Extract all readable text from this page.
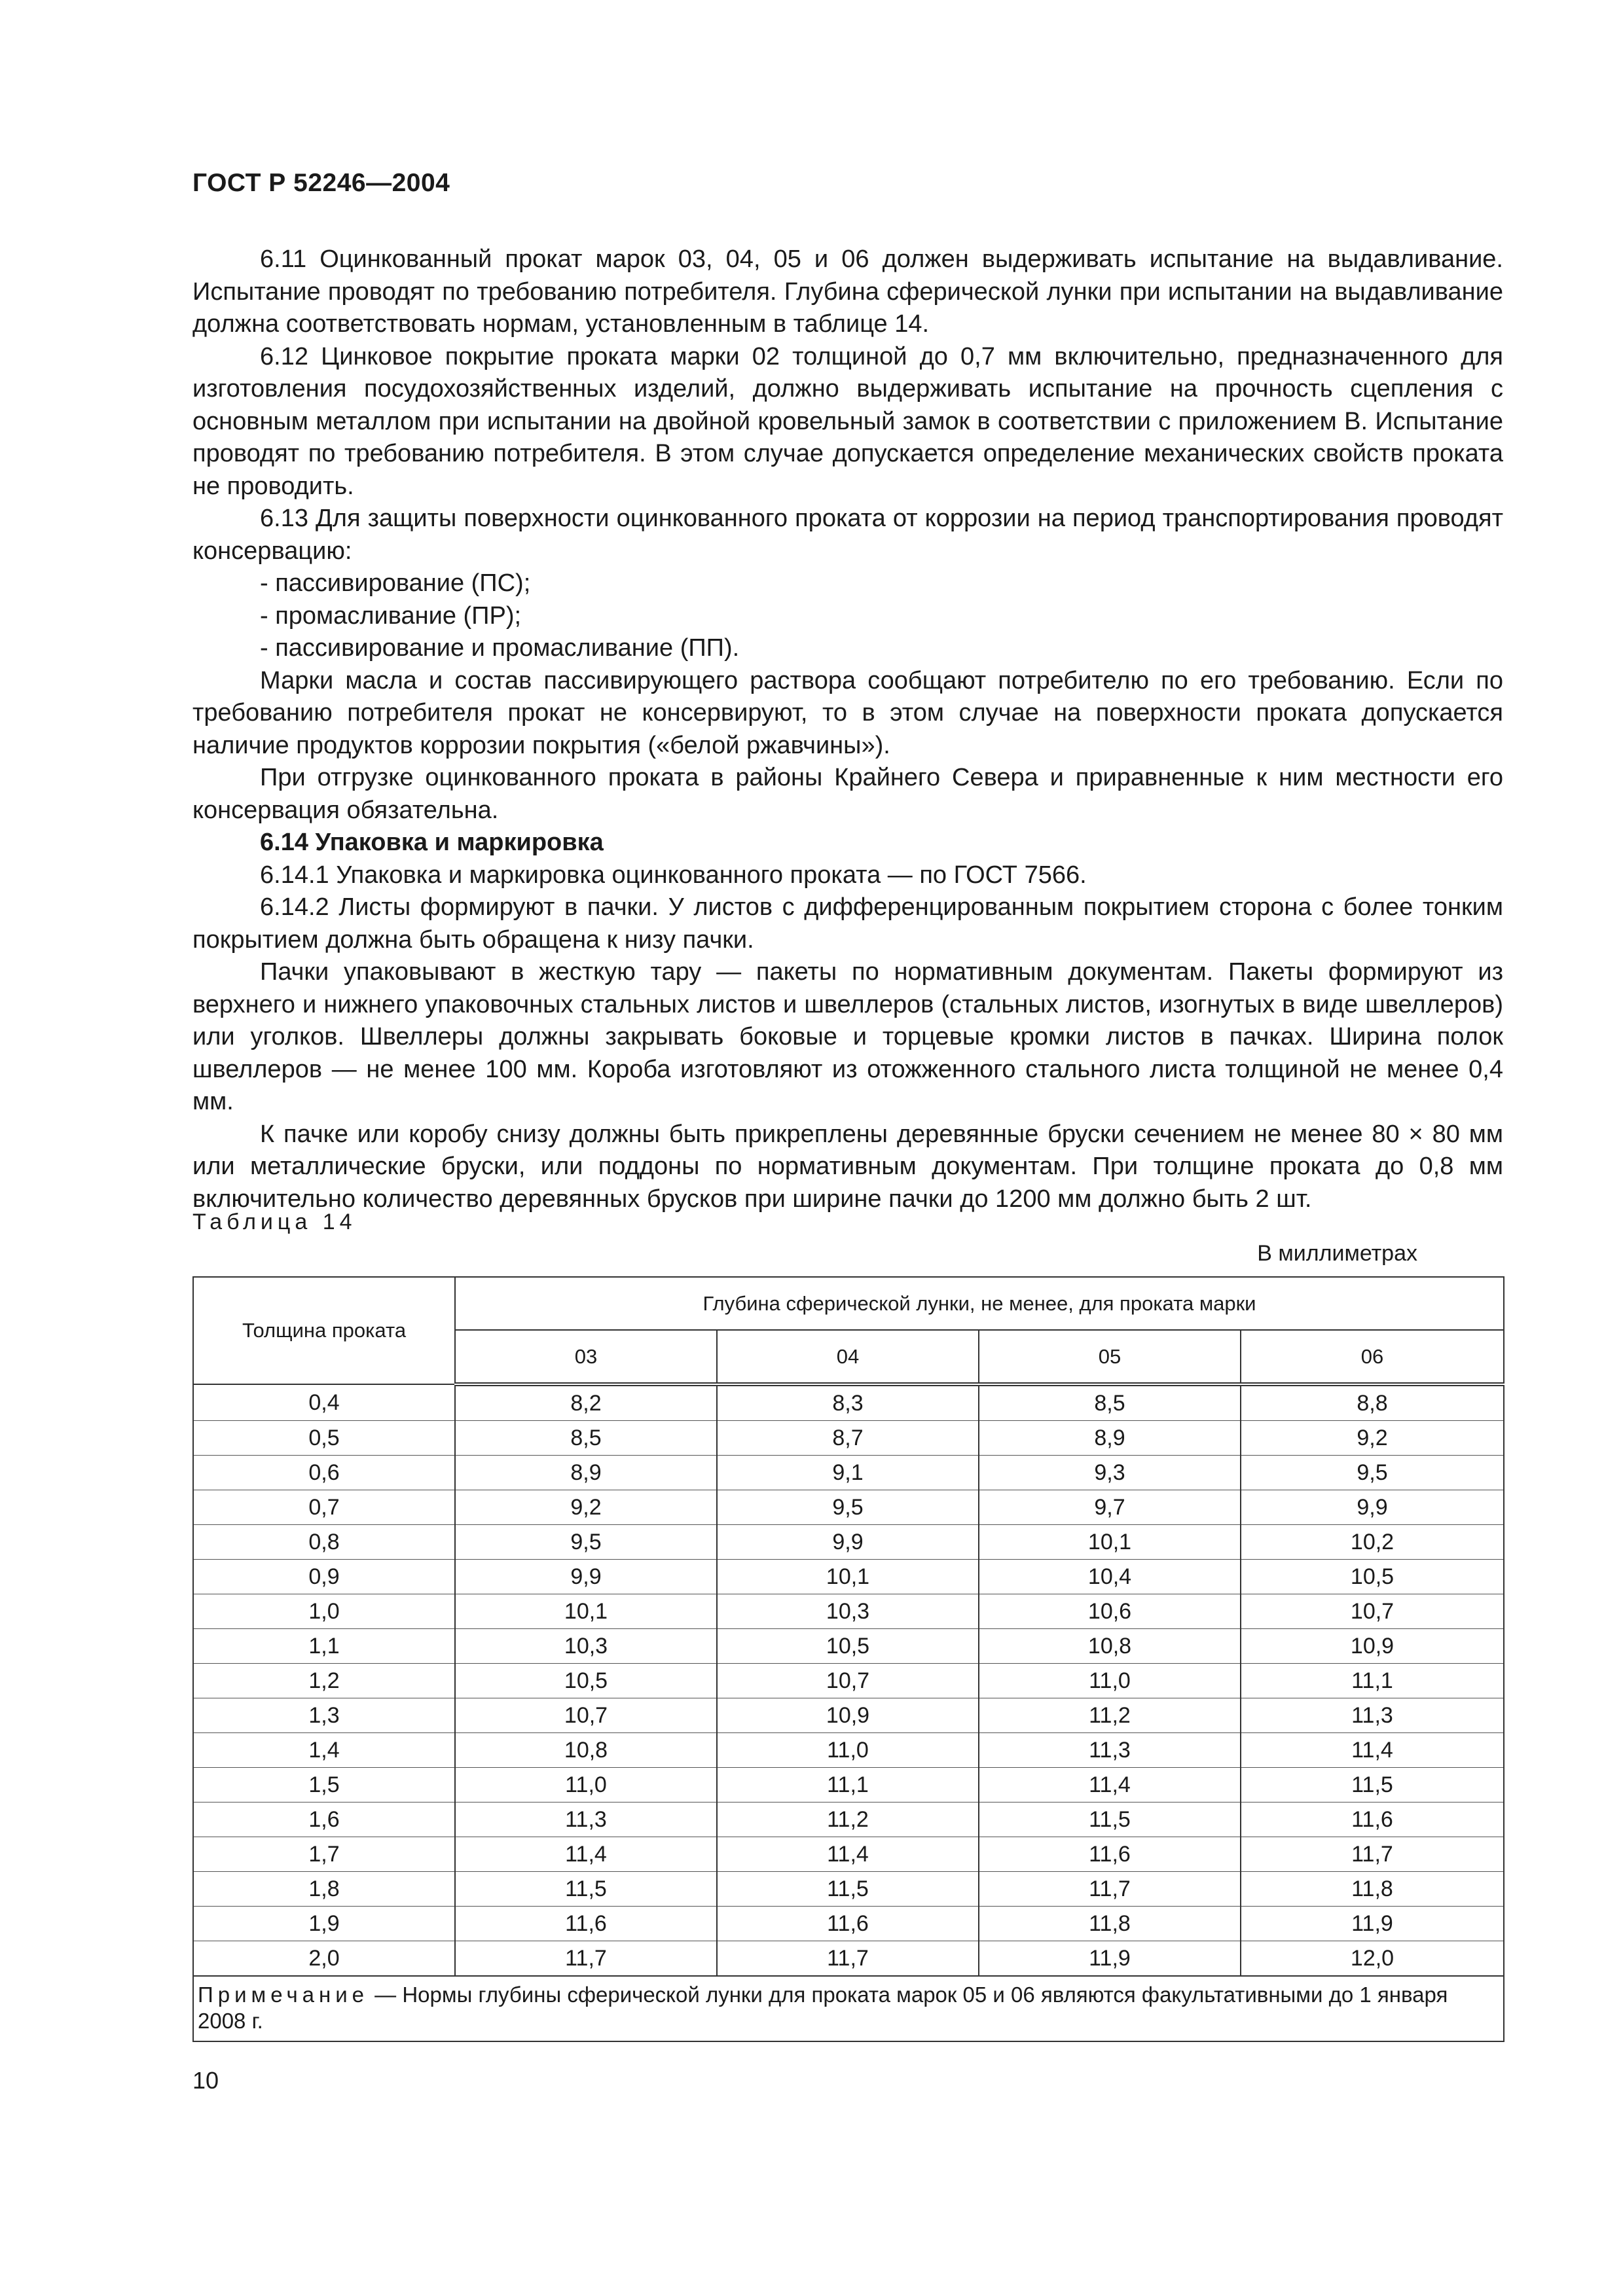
ГОСТ Р 52246—2004

6.11 Оцинкованный прокат марок 03, 04, 05 и 06 должен выдерживать испытание на выдавливание. Испытание проводят по требованию потребителя. Глубина сферической лунки при испытании на выдавливание должна соответствовать нормам, установленным в таблице 14.

6.12 Цинковое покрытие проката марки 02 толщиной до 0,7 мм включительно, предназначенного для изготовления посудохозяйственных изделий, должно выдерживать испытание на прочность сцепления с основным металлом при испытании на двойной кровельный замок в соответствии с приложением В. Испытание проводят по требованию потребителя. В этом случае допускается определение механических свойств проката не проводить.

6.13 Для защиты поверхности оцинкованного проката от коррозии на период транспортирования проводят консервацию:

- пассивирование (ПС);

- промасливание (ПР);

- пассивирование и промасливание (ПП).

Марки масла и состав пассивирующего раствора сообщают потребителю по его требованию. Если по требованию потребителя прокат не консервируют, то в этом случае на поверхности проката допускается наличие продуктов коррозии покрытия («белой ржавчины»).

При отгрузке оцинкованного проката в районы Крайнего Севера и приравненные к ним местности его консервация обязательна.

6.14 Упаковка и маркировка

6.14.1 Упаковка и маркировка оцинкованного проката — по ГОСТ 7566.

6.14.2 Листы формируют в пачки. У листов с дифференцированным покрытием сторона с более тонким покрытием должна быть обращена к низу пачки.

Пачки упаковывают в жесткую тару — пакеты по нормативным документам. Пакеты формируют из верхнего и нижнего упаковочных стальных листов и швеллеров (стальных листов, изогнутых в виде швеллеров) или уголков. Швеллеры должны закрывать боковые и торцевые кромки листов в пачках. Ширина полок швеллеров — не менее 100 мм. Короба изготовляют из отожженного стального листа толщиной не менее 0,4 мм.

К пачке или коробу снизу должны быть прикреплены деревянные бруски сечением не менее 80 × 80 мм или металлические бруски, или поддоны по нормативным документам. При толщине проката до 0,8 мм включительно количество деревянных брусков при ширине пачки до 1200 мм должно быть 2 шт.

Таблица 14
В миллиметрах
Толщина проката	Глубина сферической лунки, не менее, для проката марки			
	03	04	05	06
0,4	8,2	8,3	8,5	8,8
0,5	8,5	8,7	8,9	9,2
0,6	8,9	9,1	9,3	9,5
0,7	9,2	9,5	9,7	9,9
0,8	9,5	9,9	10,1	10,2
0,9	9,9	10,1	10,4	10,5
1,0	10,1	10,3	10,6	10,7
1,1	10,3	10,5	10,8	10,9
1,2	10,5	10,7	11,0	11,1
1,3	10,7	10,9	11,2	11,3
1,4	10,8	11,0	11,3	11,4
1,5	11,0	11,1	11,4	11,5
1,6	11,3	11,2	11,5	11,6
1,7	11,4	11,4	11,6	11,7
1,8	11,5	11,5	11,7	11,8
1,9	11,6	11,6	11,8	11,9
2,0	11,7	11,7	11,9	12,0
Примечание — Нормы глубины сферической лунки для проката марок 05 и 06 являются факультативными до 1 января 2008 г.				
10
